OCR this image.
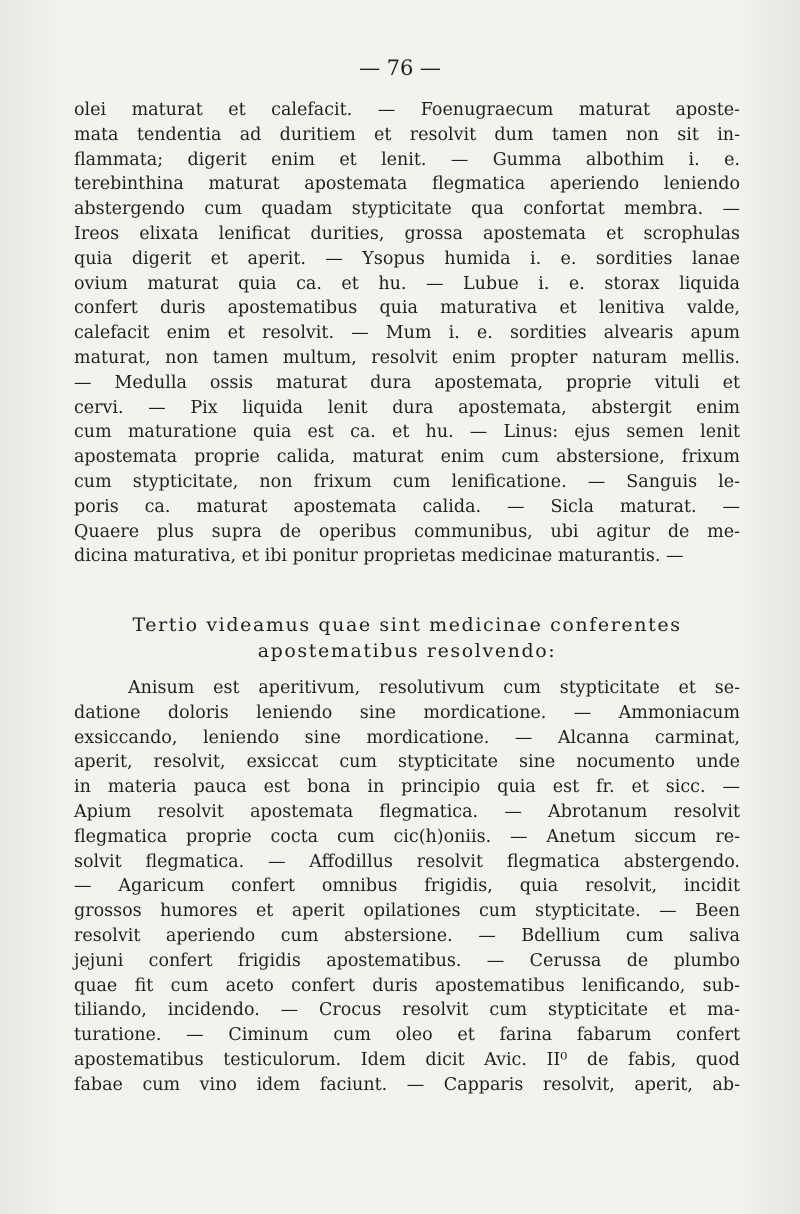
— 76 —
olei maturat et calefacit. — Foenugraecum maturat aposte-
mata tendentia ad duritiem et resolvit dum tamen non sit in-
flammata; digerit enim et lenit. — Gumma albothim i. e.
terebinthina maturat apostemata flegmatica aperiendo leniendo
abstergendo cum quadam stypticitate qua confortat membra. —
Ireos elixata lenificat durities, grossa apostemata et scrophulas
quia digerit et aperit. — Ysopus humida i. e. sordities lanae
ovium maturat quia ca. et hu. — Lubue i. e. storax liquida
confert duris apostematibus quia maturativa et lenitiva valde,
calefacit enim et resolvit. — Mum i. e. sordities alvearis apum
maturat, non tamen multum, resolvit enim propter naturam mellis.
— Medulla ossis maturat dura apostemata, proprie vituli et
cervi. — Pix liquida lenit dura apostemata, abstergit enim
cum maturatione quia est ca. et hu. — Linus: ejus semen lenit
apostemata proprie calida, maturat enim cum abstersione, frixum
cum stypticitate, non frixum cum lenificatione. — Sanguis le-
poris ca. maturat apostemata calida. — Sicla maturat. —
Quaere plus supra de operibus communibus, ubi agitur de me-
dicina maturativa, et ibi ponitur proprietas medicinae maturantis. —
Tertio videamus quae sint medicinae conferentes
apostematibus resolvendo:
Anisum est aperitivum, resolutivum cum stypticitate et se-
datione doloris leniendo sine mordicatione. — Ammoniacum
exsiccando, leniendo sine mordicatione. — Alcanna carminat,
aperit, resolvit, exsiccat cum stypticitate sine nocumento unde
in materia pauca est bona in principio quia est fr. et sicc. —
Apium resolvit apostemata flegmatica. — Abrotanum resolvit
flegmatica proprie cocta cum cic(h)oniis. — Anetum siccum re-
solvit flegmatica. — Affodillus resolvit flegmatica abstergendo.
— Agaricum confert omnibus frigidis, quia resolvit, incidit
grossos humores et aperit opilationes cum stypticitate. — Been
resolvit aperiendo cum abstersione. — Bdellium cum saliva
jejuni confert frigidis apostematibus. — Cerussa de plumbo
quae fit cum aceto confert duris apostematibus lenificando, sub-
tiliando, incidendo. — Crocus resolvit cum stypticitate et ma-
turatione. — Ciminum cum oleo et farina fabarum confert
apostematibus testiculorum. Idem dicit Avic. II⁰ de fabis, quod
fabae cum vino idem faciunt. — Capparis resolvit, aperit, ab-
